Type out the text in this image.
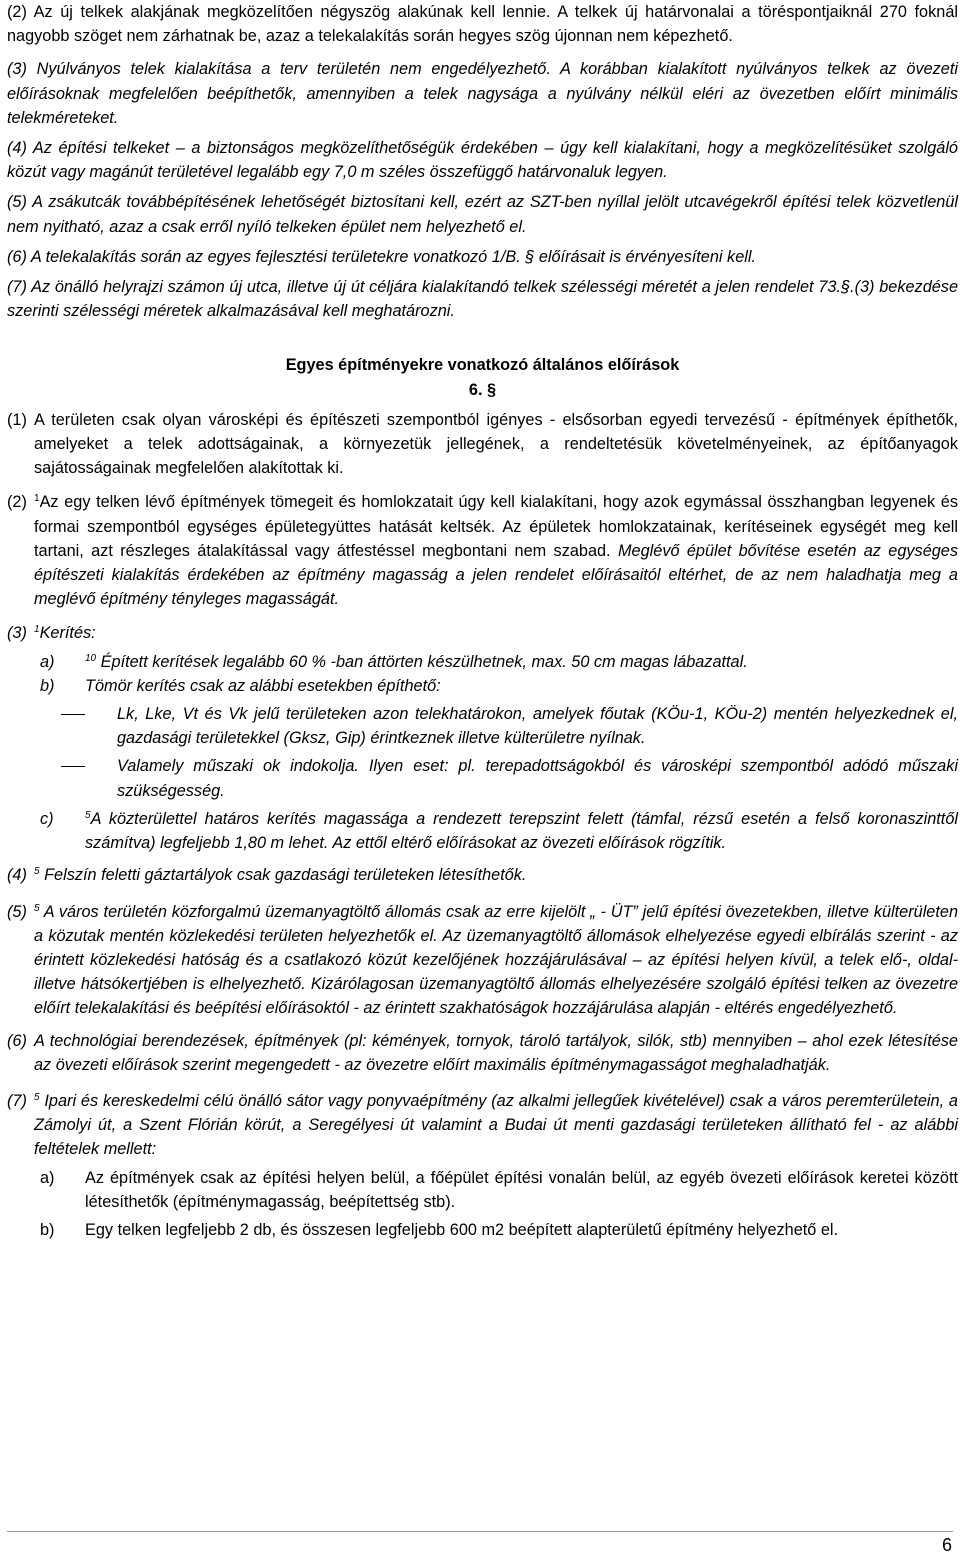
(2) Az új telkek alakjának megközelítően négyszög alakúnak kell lennie. A telkek új határvonalai a töréspontjaiknál 270 foknál nagyobb szöget nem zárhatnak be, azaz a telekalakítás során hegyes szög újonnan nem képezhető.

(3) Nyúlványos telek kialakítása a terv területén nem engedélyezhető. A korábban kialakított nyúlványos telkek az övezeti előírásoknak megfelelően beépíthetők, amennyiben a telek nagysága a nyúlvány nélkül eléri az övezetben előírt minimális telekméreteket.

(4) Az építési telkeket – a biztonságos megközelíthetőségük érdekében – úgy kell kialakítani, hogy a megközelítésüket szolgáló közút vagy magánút területével legalább egy 7,0 m széles összefüggő határvonaluk legyen.

(5) A zsákutcák továbbépítésének lehetőségét biztosítani kell, ezért az SZT-ben nyíllal jelölt utcavégekről építési telek közvetlenül nem nyitható, azaz a csak erről nyíló telkeken épület nem helyezhető el.

(6) A telekalakítás során az egyes fejlesztési területekre vonatkozó 1/B. § előírásait is érvényesíteni kell.

(7) Az önálló helyrajzi számon új utca, illetve új út céljára kialakítandó telkek szélességi méretét a jelen rendelet 73.§.(3) bekezdése szerinti szélességi méretek alkalmazásával kell meghatározni.

Egyes építményekre vonatkozó általános előírások
6. §
(1) A területen csak olyan városképi és építészeti szempontból igényes - elsősorban egyedi tervezésű - építmények építhetők, amelyeket a telek adottságainak, a környezetük jellegének, a rendeltetésük követelményeinek, az építőanyagok sajátosságainak megfelelően alakítottak ki.
(2) $^1$Az egy telken lévő építmények tömegeit és homlokzatait úgy kell kialakítani, hogy azok egymással összhangban legyenek és formai szempontból egységes épületegyüttes hatását keltsék. Az épületek homlokzatainak, kerítéseinek egységét meg kell tartani, azt részleges átalakítással vagy átfestéssel megbontani nem szabad. Meglévő épület bővítése esetén az egységes építészeti kialakítás érdekében az építmény magasság a jelen rendelet előírásaitól eltérhet, de az nem haladhatja meg a meglévő építmény tényleges magasságát.
(3) $^1$Kerítés:
a)	$^{10}$ Épített kerítések legalább 60 % -ban áttörten készülhetnek, max. 50 cm magas lábazattal.
b)	Tömör kerítés csak az alábbi esetekben építhető:
Lk, Lke, Vt és Vk jelű területeken azon telekhatárokon, amelyek főutak (KÖu-1, KÖu-2) mentén helyezkednek el, gazdasági területekkel (Gksz, Gip) érintkeznek illetve külterületre nyílnak.
Valamely műszaki ok indokolja. Ilyen eset: pl. terepadottságokból és városképi szempontból adódó műszaki szükségesség.
c)	$^5$A közterülettel határos kerítés magassága a rendezett terepszint felett (támfal, rézsű esetén a felső koronaszinttől számítva) legfeljebb 1,80 m lehet. Az ettől eltérő előírásokat az övezeti előírások rögzítik.
(4) $^5$ Felszín feletti gáztartályok csak gazdasági területeken létesíthetők.
(5) $^5$ A város területén közforgalmú üzemanyagtöltő állomás csak az erre kijelölt „ - ÜT” jelű építési övezetekben, illetve külterületen a közutak mentén közlekedési területen helyezhetők el. Az üzemanyagtöltő állomások elhelyezése egyedi elbírálás szerint - az érintett közlekedési hatóság és a csatlakozó közút kezelőjének hozzájárulásával – az építési helyen kívül, a telek elő-, oldal- illetve hátsókertjében is elhelyezhető. Kizárólagosan üzemanyagtöltő állomás elhelyezésére szolgáló építési telken az övezetre előírt telekalakítási és beépítési előírásoktól - az érintett szakhatóságok hozzájárulása alapján - eltérés engedélyezhető.
(6) A technológiai berendezések, építmények (pl: kémények, tornyok, tároló tartályok, silók, stb) mennyiben – ahol ezek létesítése az övezeti előírások szerint megengedett - az övezetre előírt maximális építménymagasságot meghaladhatják.
(7) $^5$ Ipari és kereskedelmi célú önálló sátor vagy ponyvaépítmény (az alkalmi jellegűek kivételével) csak a város peremterületein, a Zámolyi út, a Szent Flórián körút, a Seregélyesi út valamint a Budai út menti gazdasági területeken állítható fel - az alábbi feltételek mellett:
a)	Az építmények csak az építési helyen belül, a főépület építési vonalán belül, az egyéb övezeti előírások keretei között létesíthetők (építménymagasság, beépítettség stb).
b)	Egy telken legfeljebb 2 db, és összesen legfeljebb 600 m2 beépített alapterületű építmény helyezhető el.
6
